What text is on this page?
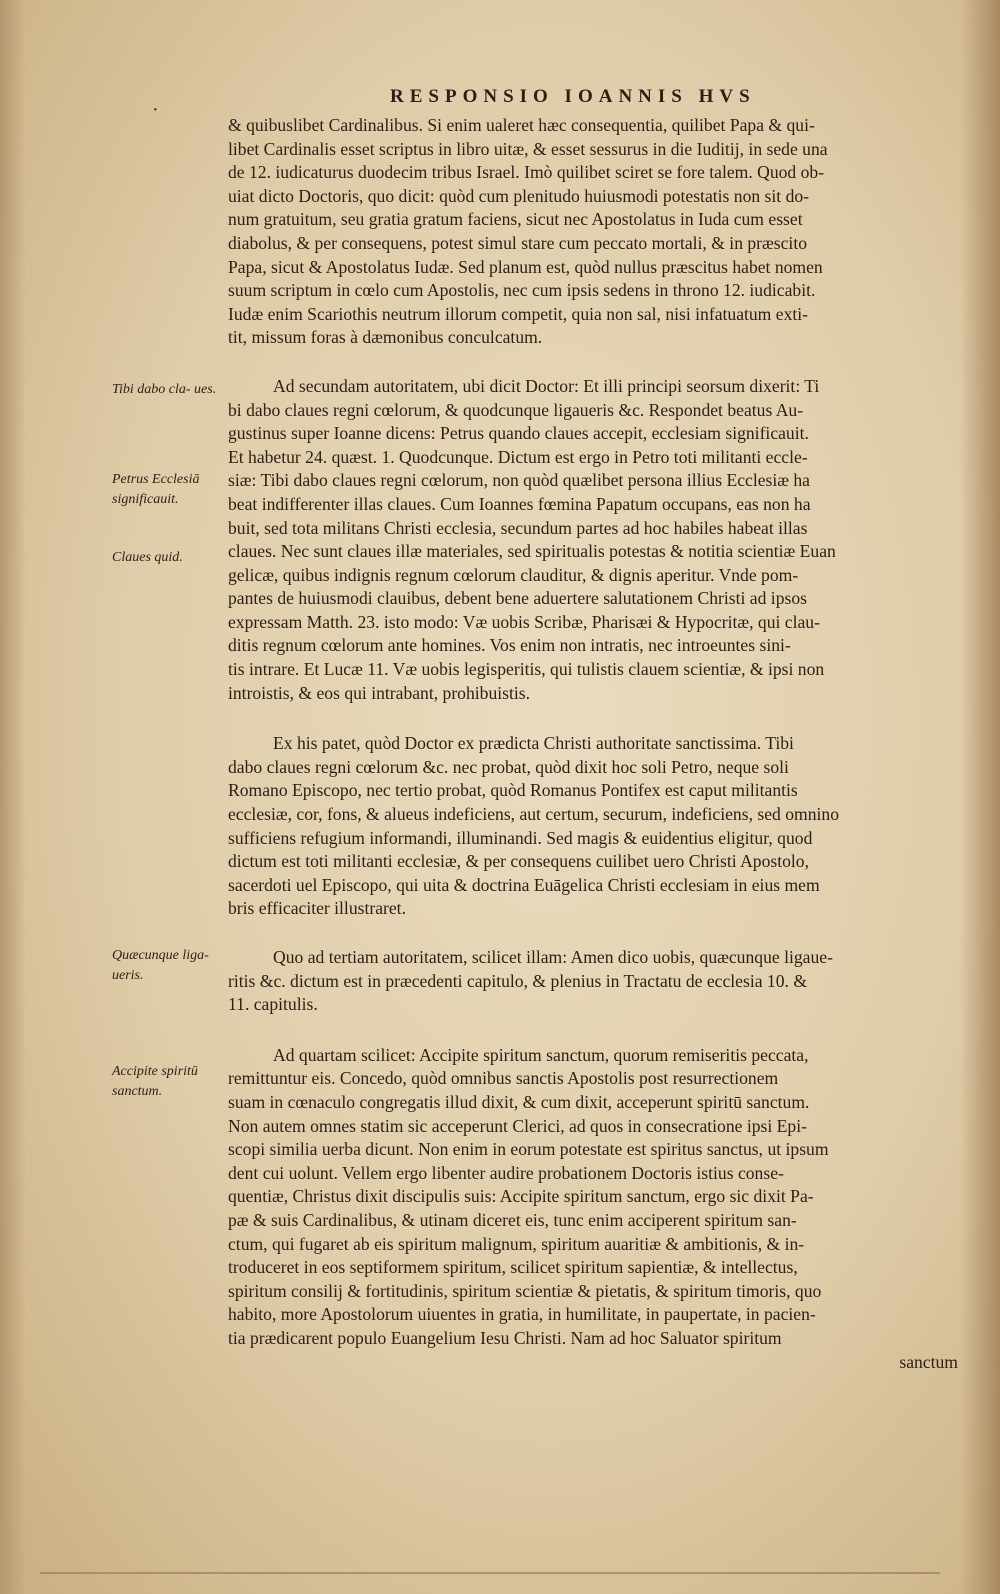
·
RESPONSIO IOANNIS HVS
Tibi dabo cla- ues.
Petrus Ecclesiā significauit.
Claues quid.
Quæcunque liga- ueris.
Accipite spiritū sanctum.
& quibuslibet Cardinalibus. Si enim ualeret hæc consequentia, quilibet Papa & qui-
libet Cardinalis esset scriptus in libro uitæ, & esset sessurus in die Iuditij, in sede una
de 12. iudicaturus duodecim tribus Israel. Imò quilibet sciret se fore talem. Quod ob-
uiat dicto Doctoris, quo dicit: quòd cum plenitudo huiusmodi potestatis non sit do-
num gratuitum, seu gratia gratum faciens, sicut nec Apostolatus in Iuda cum esset
diabolus, & per consequens, potest simul stare cum peccato mortali, & in præscito
Papa, sicut & Apostolatus Iudæ. Sed planum est, quòd nullus præscitus habet nomen
suum scriptum in cœlo cum Apostolis, nec cum ipsis sedens in throno 12. iudicabit.
Iudæ enim Scariothis neutrum illorum competit, quia non sal, nisi infatuatum exti-
tit, missum foras à dæmonibus conculcatum.
Ad secundam autoritatem, ubi dicit Doctor: Et illi principi seorsum dixerit: Ti
bi dabo claues regni cœlorum, & quodcunque ligaueris &c. Respondet beatus Au-
gustinus super Ioanne dicens: Petrus quando claues accepit, ecclesiam significauit.
Et habetur 24. quæst. 1. Quodcunque. Dictum est ergo in Petro toti militanti eccle-
siæ: Tibi dabo claues regni cœlorum, non quòd quælibet persona illius Ecclesiæ ha
beat indifferenter illas claues. Cum Ioannes fœmina Papatum occupans, eas non ha
buit, sed tota militans Christi ecclesia, secundum partes ad hoc habiles habeat illas
claues. Nec sunt claues illæ materiales, sed spiritualis potestas & notitia scientiæ Euan
gelicæ, quibus indignis regnum cœlorum clauditur, & dignis aperitur. Vnde pom-
pantes de huiusmodi clauibus, debent bene aduertere salutationem Christi ad ipsos
expressam Matth. 23. isto modo: Væ uobis Scribæ, Pharisæi & Hypocritæ, qui clau-
ditis regnum cœlorum ante homines. Vos enim non intratis, nec introeuntes sini-
tis intrare. Et Lucæ 11. Væ uobis legisperitis, qui tulistis clauem scientiæ, & ipsi non
introistis, & eos qui intrabant, prohibuistis.
Ex his patet, quòd Doctor ex prædicta Christi authoritate sanctissima. Tibi
dabo claues regni cœlorum &c. nec probat, quòd dixit hoc soli Petro, neque soli
Romano Episcopo, nec tertio probat, quòd Romanus Pontifex est caput militantis
ecclesiæ, cor, fons, & alueus indeficiens, aut certum, securum, indeficiens, sed omnino
sufficiens refugium informandi, illuminandi. Sed magis & euidentius eligitur, quod
dictum est toti militanti ecclesiæ, & per consequens cuilibet uero Christi Apostolo,
sacerdoti uel Episcopo, qui uita & doctrina Euāgelica Christi ecclesiam in eius mem
bris efficaciter illustraret.
Quo ad tertiam autoritatem, scilicet illam: Amen dico uobis, quæcunque ligaue-
ritis &c. dictum est in præcedenti capitulo, & plenius in Tractatu de ecclesia 10. &
11. capitulis.
Ad quartam scilicet: Accipite spiritum sanctum, quorum remiseritis peccata,
remittuntur eis. Concedo, quòd omnibus sanctis Apostolis post resurrectionem
suam in cœnaculo congregatis illud dixit, & cum dixit, acceperunt spiritū sanctum.
Non autem omnes statim sic acceperunt Clerici, ad quos in consecratione ipsi Epi-
scopi similia uerba dicunt. Non enim in eorum potestate est spiritus sanctus, ut ipsum
dent cui uolunt. Vellem ergo libenter audire probationem Doctoris istius conse-
quentiæ, Christus dixit discipulis suis: Accipite spiritum sanctum, ergo sic dixit Pa-
pæ & suis Cardinalibus, & utinam diceret eis, tunc enim acciperent spiritum san-
ctum, qui fugaret ab eis spiritum malignum, spiritum auaritiæ & ambitionis, & in-
troduceret in eos septiformem spiritum, scilicet spiritum sapientiæ, & intellectus,
spiritum consilij & fortitudinis, spiritum scientiæ & pietatis, & spiritum timoris, quo
habito, more Apostolorum uiuentes in gratia, in humilitate, in paupertate, in pacien-
tia prædicarent populo Euangelium Iesu Christi. Nam ad hoc Saluator spiritum
sanctum
